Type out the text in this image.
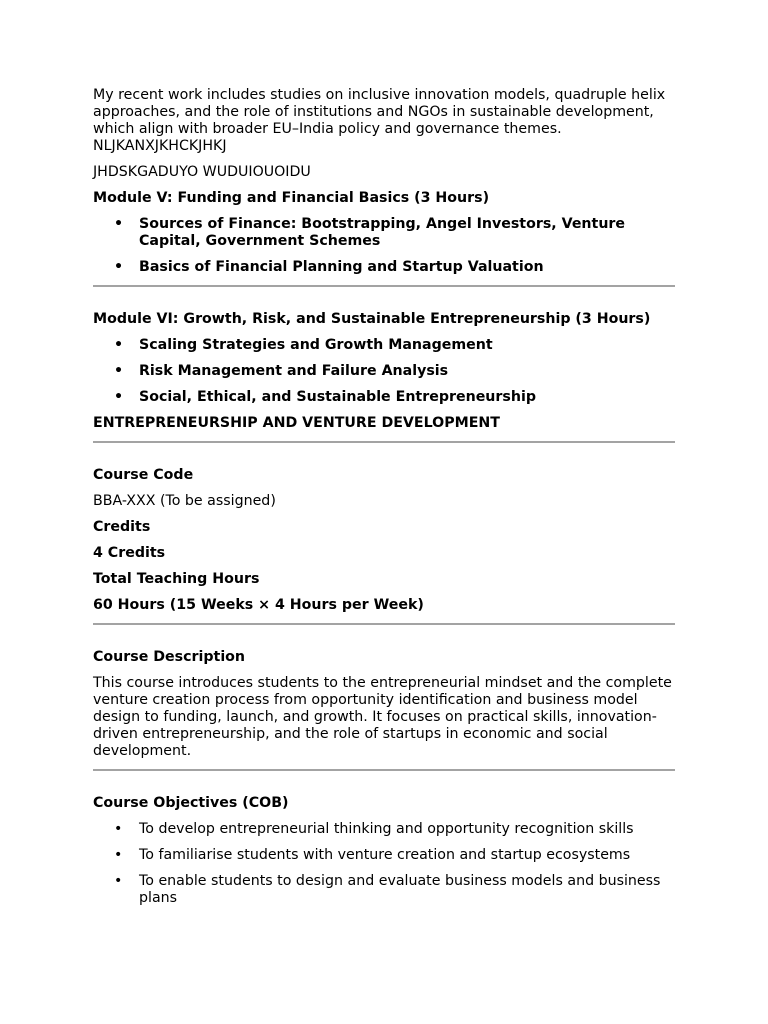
My recent work includes studies on inclusive innovation models, quadruple helix approaches, and the role of institutions and NGOs in sustainable development, which align with broader EU–India policy and governance themes. NLJKANXJKHCKJHKJ

JHDSKGADUYO WUDUIOUOIDU

Module V: Funding and Financial Basics (3 Hours)

• Sources of Finance: Bootstrapping, Angel Investors, Venture Capital, Government Schemes
• Basics of Financial Planning and Startup Valuation

Module VI: Growth, Risk, and Sustainable Entrepreneurship (3 Hours)

• Scaling Strategies and Growth Management
• Risk Management and Failure Analysis
• Social, Ethical, and Sustainable Entrepreneurship

ENTREPRENEURSHIP AND VENTURE DEVELOPMENT

Course Code

BBA-XXX (To be assigned)

Credits

4 Credits

Total Teaching Hours

60 Hours (15 Weeks × 4 Hours per Week)

Course Description

This course introduces students to the entrepreneurial mindset and the complete venture creation process from opportunity identification and business model design to funding, launch, and growth. It focuses on practical skills, innovation-driven entrepreneurship, and the role of startups in economic and social development.

Course Objectives (COB)

• To develop entrepreneurial thinking and opportunity recognition skills
• To familiarise students with venture creation and startup ecosystems
• To enable students to design and evaluate business models and business plans
